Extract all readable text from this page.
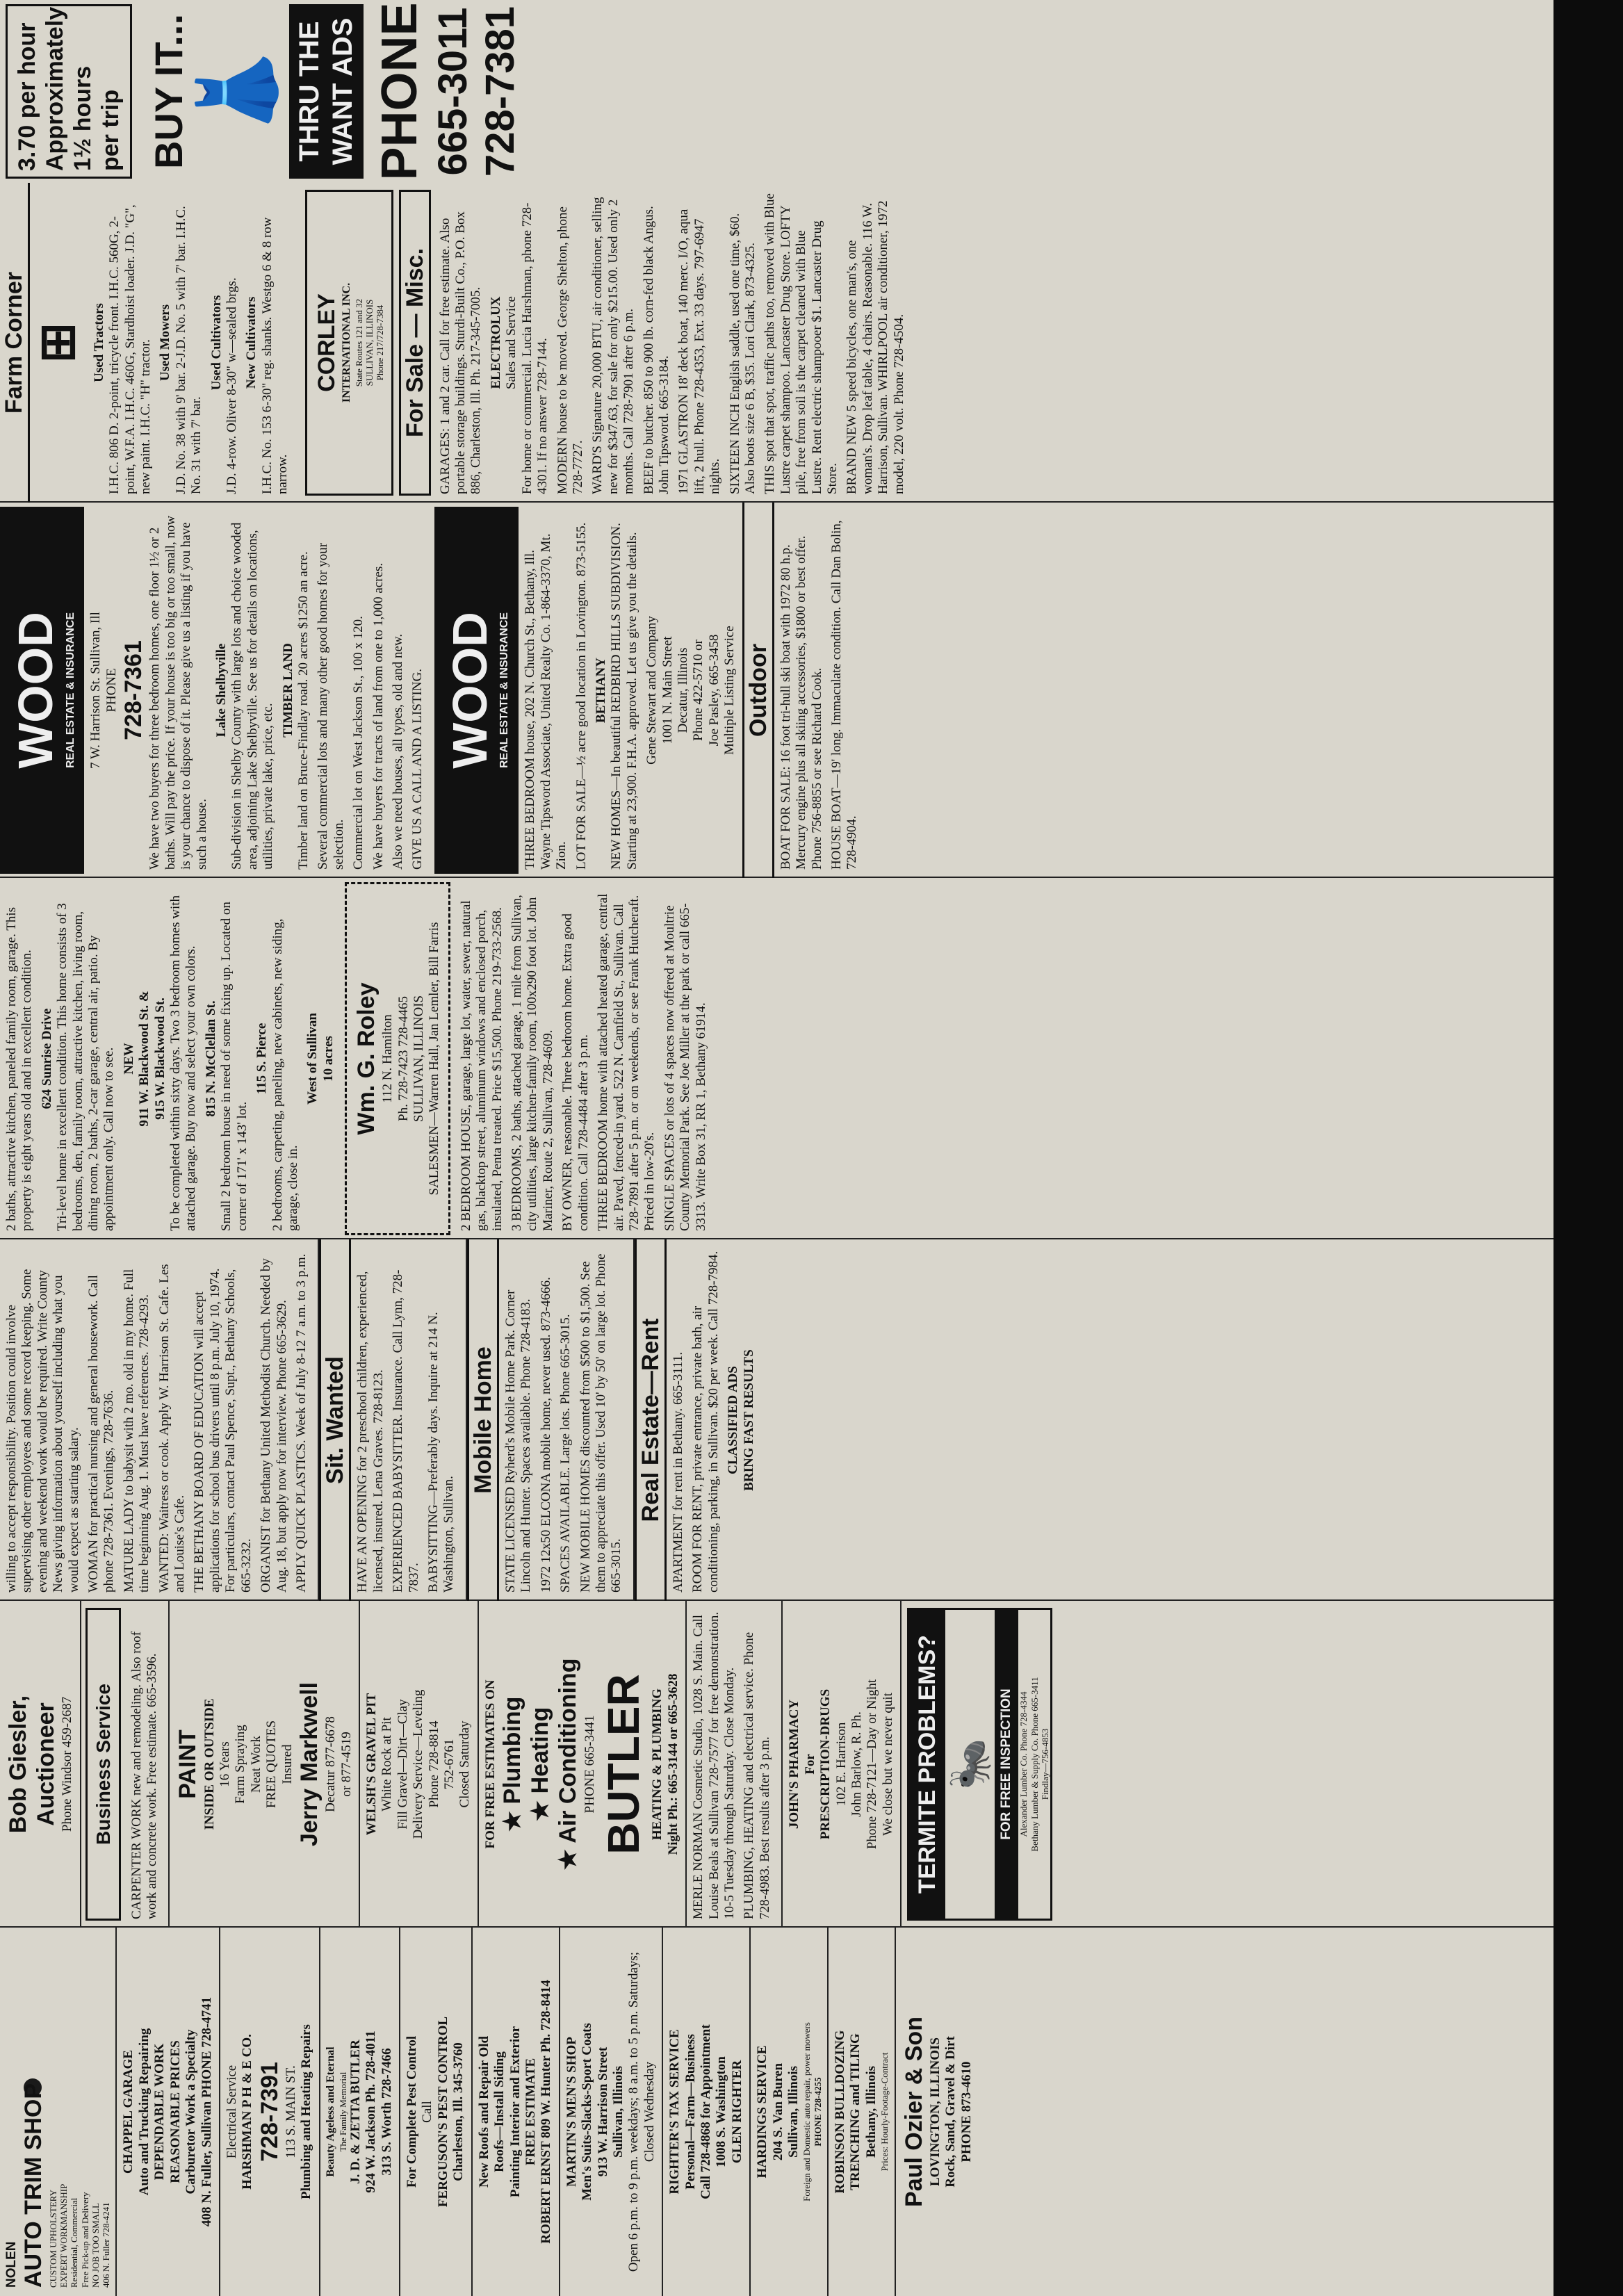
NOLEN AUTO TRIM SHOP CUSTOM UPHOLSTERY EXPERT WORKMANSHIP Residential, Commercial Free Pick-up and Delivery NO JOB TOO SMALL 406 N. Fuller 728-4241
CHAPPEL GARAGE Auto and Trucking Repairing DEPENDABLE WORK REASONABLE PRICES Carburetor Work a Specialty 408 N. Fuller, Sullivan PHONE 728-4741 Electrical Service HARSHMAN P H & E CO. 728-7391 113 S. MAIN ST. Plumbing and Heating Repairs Beauty Ageless and Eternal The Family Memorial J. D. & ZETTA BUTLER 924 W. Jackson Ph. 728-4011 313 S. Worth 728-7466 For Complete Pest Control Call FERGUSON'S PEST CONTROL Charleston, Ill. 345-3760 New Roofs and Repair Old Roofs—Install Siding Painting Interior and Exterior FREE ESTIMATE ROBERT ERNST 809 W. Hunter Ph. 728-8414 MARTIN'S MEN'S SHOP Men's Suits-Slacks-Sport Coats 913 W. Harrison Street Sullivan, Illinois Open 6 p.m. to 9 p.m. weekdays; 8 a.m. to 5 p.m. Saturdays; Closed Wednesday RIGHTER'S TAX SERVICE Personal—Farm—Business Call 728-4868 for Appointment 1008 S. Washington GLEN RIGHTER HARDINGS SERVICE 204 S. Van Buren Sullivan, Illinois Foreign and Domestic auto repair, power mowers PHONE 728-4255 ROBINSON BULLDOZING TRENCHING and TILING Bethany, Illinois Prices: Hourly-Footage-Contract Paul Ozier & Son LOVINGTON, ILLINOIS Rock, Sand, Gravel & Dirt PHONE 873-4610
Bob Giesler, Auctioneer Phone Windsor 459-2687 Business Service	CARPENTER WORK new and remodeling. Also roof work and concrete work. Free estimate. 665-3596. PAINT INSIDE OR OUTSIDE 16 Years Farm Spraying Neat Work FREE QUOTES Insured Jerry Markwell Decatur 877-6678 or 877-4519 WELSH'S GRAVEL PIT White Rock at Pit Fill Gravel—Dirt—Clay Delivery Service—Leveling Phone 728-8814 752-6761 Closed Saturday FOR FREE ESTIMATES ON ★ Plumbing ★ Heating ★ Air Conditioning PHONE 665-3441 BUTLER HEATING & PLUMBING Night Ph.: 665-3144 or 665-3628 MERLE NORMAN Cosmetic Studio, 1028 S. Main. Call Louise Beals at Sullivan 728-7577 for free demonstration. 10-5 Tuesday through Saturday. Close Monday. PLUMBING, HEATING and electrical service. Phone 728-4983. Best results after 3 p.m. JOHN'S PHARMACY For PRESCRIPTION-DRUGS 102 E. Harrison John Barlow, R. Ph. Phone 728-7121—Day or Night We close but we never quit TERMITE PROBLEMS? 🐜 FOR FREE INSPECTION Alexander Lumber Co. Phone 728-4344 Bethany Lumber & Supply Co. Phone 665-3411 Findlay—756-4853

willing to accept responsibility. Position could involve supervising other employees and some record keeping. Some evening and weekend work would be required. Write County News giving information about yourself including what you would expect as starting salary. WOMAN for practical nursing and general housework. Call phone 728-7361. Evenings, 728-7636. MATURE LADY to babysit with 2 mo. old in my home. Full time beginning Aug. 1. Must have references. 728-4293. WANTED: Waitress or cook. Apply W. Harrison St. Cafe. Les and Louise's Cafe. THE BETHANY BOARD OF EDUCATION will accept applications for school bus drivers until 8 p.m. July 10, 1974. For particulars, contact Paul Spence, Supt., Bethany Schools, 665-3232. ORGANIST for Bethany United Methodist Church. Needed by Aug. 18, but apply now for interview. Phone 665-3629. APPLY QUICK PLASTICS. Week of July 8-12 7 a.m. to 3 p.m. Sit. Wanted HAVE AN OPENING for 2 preschool children, experienced, licensed, insured. Lena Graves. 728-8123. EXPERIENCED BABYSITTER. Insurance. Call Lynn, 728-7837. BABYSITTING—Preferably days. Inquire at 214 N. Washington, Sullivan.

Mobile Home STATE LICENSED Ryherd's Mobile Home Park. Corner Lincoln and Hunter. Spaces available. Phone 728-4183. 1972 12x50 ELCONA mobile home, never used. 873-4666. SPACES AVAILABLE. Large lots. Phone 665-3015. NEW MOBILE HOMES discounted from $500 to $1,500. See them to appreciate this offer. Used 10' by 50' on large lot. Phone 665-3015.

Real Estate—Rent APARTMENT for rent in Bethany. 665-3111. ROOM FOR RENT, private entrance, private bath, air conditioning, parking, in Sullivan. $20 per week. Call 728-7984. CLASSIFIED ADS BRING FAST RESULTS

2 baths, attractive kitchen, paneled family room, garage. This property is eight years old and in excellent condition. 624 Sunrise Drive Tri-level home in excellent condition. This home consists of 3 bedrooms, den, family room, attractive kitchen, living room, dining room, 2 baths, 2-car garage, central air, patio. By appointment only. Call now to see. NEW 911 W. Blackwood St. & 915 W. Blackwood St. To be completed within sixty days. Two 3 bedroom homes with attached garage. Buy now and select your own colors. 815 N. McClellan St. Small 2 bedroom house in need of some fixing up. Located on corner of 171' x 143' lot.

115 S. Pierce 2 bedrooms, carpeting, paneling, new cabinets, new siding, garage, close in.

West of Sullivan 10 acres Wm. G. Roley 112 N. Hamilton Ph. 728-7423 728-4465 SULLIVAN, ILLINOIS SALESMEN—Warren Hall, Jan Lemler, Bill Farris 2 BEDROOM HOUSE, garage, large lot, water, sewer, natural gas, blacktop street, aluminum windows and enclosed porch, insulated, Penta treated. Price $15,500. Phone 219-733-2568. 3 BEDROOMS, 2 baths, attached garage, 1 mile from Sullivan, city utilities, large kitchen-family room, 100x290 foot lot. John Mariner, Route 2, Sullivan, 728-4609. BY OWNER, reasonable. Three bedroom home. Extra good condition. Call 728-4484 after 3 p.m. THREE BEDROOM home with attached heated garage, central air. Paved, fenced-in yard. 522 N. Camfield St., Sullivan. Call 728-7891 after 5 p.m. or on weekends, or see Frank Hutcheraft. Priced in low-20's. SINGLE SPACES or lots of 4 spaces now offered at Moultrie County Memorial Park. See Joe Miller at the park or call 665-3313. Write Box 31, RR 1, Bethany 61914.

WOOD REAL ESTATE & INSURANCE 7 W. Harrison St. Sullivan, Ill PHONE 728-7361 We have two buyers for three bedroom homes, one floor 1½ or 2 baths. Will pay the price. If your house is too big or too small, now is your chance to dispose of it. Please give us a listing if you have such a house.

Lake Shelbyville Sub-division in Shelby County with large lots and choice wooded area, adjoining Lake Shelbyville. See us for details on locations, utilities, private lake, price, etc.

TIMBER LAND Timber land on Bruce-Findlay road. 20 acres $1250 an acre. Several commercial lots and many other good homes for your selection. Commercial lot on West Jackson St., 100 x 120. We have buyers for tracts of land from one to 1,000 acres. Also we need houses, all types, old and new. GIVE US A CALL AND A LISTING. WOOD REAL ESTATE & INSURANCE THREE BEDROOM house, 202 N. Church St., Bethany, Ill. Wayne Tipsword Associate, United Realty Co. 1-864-3370, Mt. Zion. LOT FOR SALE—½ acre good location in Lovington. 873-5155. BETHANY NEW HOMES—In beautiful REDBIRD HILLS SUBDIVISION. Starting at 23,900. F.H.A. approved. Let us give you the details. Gene Stewart and Company 1001 N. Main Street Decatur, Illinois Phone 422-5710 or Joe Pasley, 665-3458 Multiple Listing Service Outdoor BOAT FOR SALE: 16 foot tri-hull ski boat with 1972 80 h.p. Mercury engine plus all skiing accessories, $1800 or best offer. Phone 756-8855 or see Richard Cook. HOUSE BOAT—19' long. Immaculate condition. Call Dan Bolin, 728-4904.

Farm Corner ⊞ Used Tractors I.H.C. 806 D. 2-point, tricycle front. I.H.C. 560G, 2-point, W.F.A. I.H.C. 460G, Stardhoist loader. J.D. "G", new paint. I.H.C. "H" tractor. Used Mowers J.D. No. 38 with 9' bar. 2-J.D. No. 5 with 7' bar. I.H.C. No. 31 with 7' bar.

Used Cultivators J.D. 4-row. Oliver 8-30" w—sealed brgs. New Cultivators I.H.C. No. 153 6-30" reg. shanks. Westgo 6 & 8 row narrow.

CORLEY INTERNATIONAL INC. State Routes 121 and 32 SULLIVAN, ILLINOIS Phone 217/728-7384 For Sale — Misc. GARAGES: 1 and 2 car. Call for free estimate. Also portable storage buildings. Sturdi-Built Co., P.O. Box 886, Charleston, Ill. Ph. 217-345-7005. ELECTROLUX Sales and Service For home or commercial. Lucia Harshman, phone 728-4301. If no answer 728-7144. MODERN house to be moved. George Shelton, phone 728-7727. WARD'S Signature 20,000 BTU, air conditioner, selling new for $347.63, for sale for only $215.00. Used only 2 months. Call 728-7901 after 6 p.m. BEEF to butcher. 850 to 900 lb. corn-fed black Angus. John Tipsword. 665-3184. 1971 GLASTRON 18' deck boat, 140 merc. I/O, aqua lift, 2 hull. Phone 728-4353, Ext. 33 days. 797-6947 nights. SIXTEEN INCH English saddle, used one time, $60. Also boots size 6 B, $35. Lori Clark, 873-4325. THIS spot that spot, traffic paths too, removed with Blue Lustre carpet shampoo. Lancaster Drug Store. LOFTY pile, free from soil is the carpet cleaned with Blue Lustre. Rent electric shampooer $1. Lancaster Drug Store. BRAND NEW 5 speed bicycles, one man's, one woman's. Drop leaf table, 4 chairs. Reasonable. 116 W. Harrison, Sullivan. WHIRLPOOL air conditioner, 1972 model, 220 volt. Phone 728-4504.

3.70 per hour Approximately 1½ hours per trip BUY IT... 👗 THRU THE WANT ADS PHONE 665-3011 728-7381
